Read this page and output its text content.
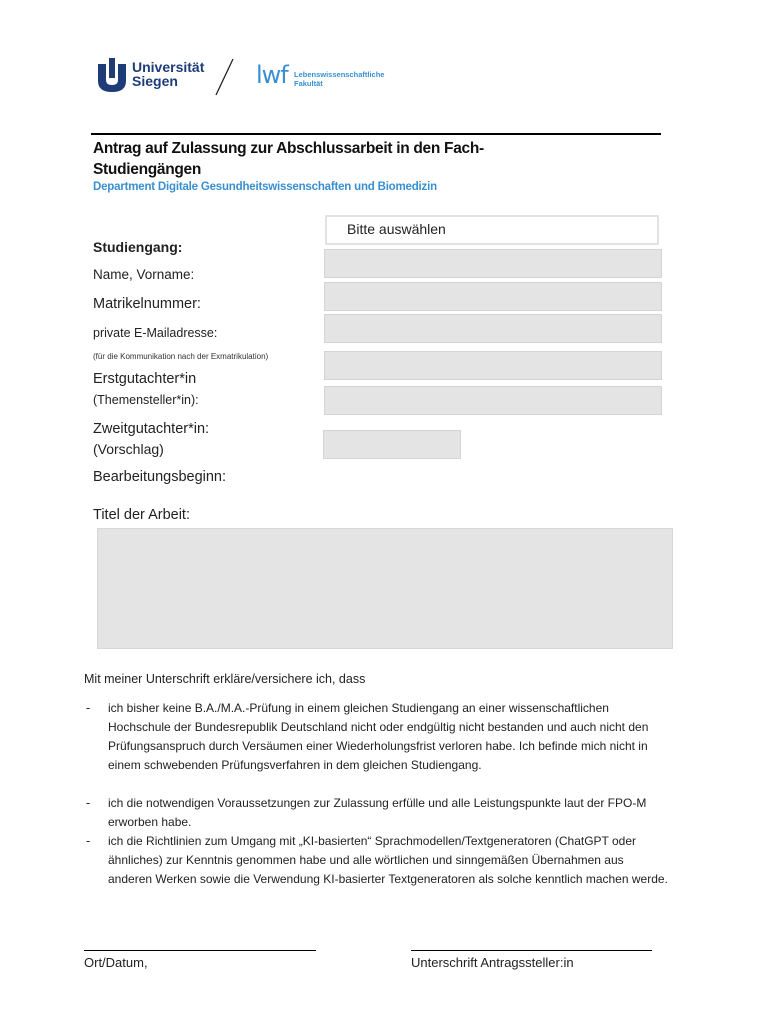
Universität
Siegen	lwf Lebenswissenschaftliche
Fakultät
Antrag auf Zulassung zur Abschlussarbeit in den Fach-Studiengängen
Department Digitale Gesundheitswissenschaften und Biomedizin
Bitte auswählen
Studiengang:
Name, Vorname:
Matrikelnummer:
private E-Mailadresse:
(für die Kommunikation nach der Exmatrikulation)
Erstgutachter*in
(Themensteller*in):
Zweitgutachter*in:
(Vorschlag)
Bearbeitungsbeginn:
Titel der Arbeit:
Mit meiner Unterschrift erkläre/versichere ich, dass
- ich bisher keine B.A./M.A.-Prüfung in einem gleichen Studiengang an einer wissenschaftlichen Hochschule der Bundesrepublik Deutschland nicht oder endgültig nicht bestanden und auch nicht den Prüfungsanspruch durch Versäumen einer Wiederholungsfrist verloren habe. Ich befinde mich nicht in einem schwebenden Prüfungsverfahren in dem gleichen Studiengang.
- ich die notwendigen Voraussetzungen zur Zulassung erfülle und alle Leistungspunkte laut der FPO-M erworben habe.
- ich die Richtlinien zum Umgang mit „KI-basierten“ Sprachmodellen/Textgeneratoren (ChatGPT oder ähnliches) zur Kenntnis genommen habe und alle wörtlichen und sinngemäßen Übernahmen aus anderen Werken sowie die Verwendung KI-basierter Textgeneratoren als solche kenntlich machen werde.
Ort/Datum,	Unterschrift Antragssteller:in
